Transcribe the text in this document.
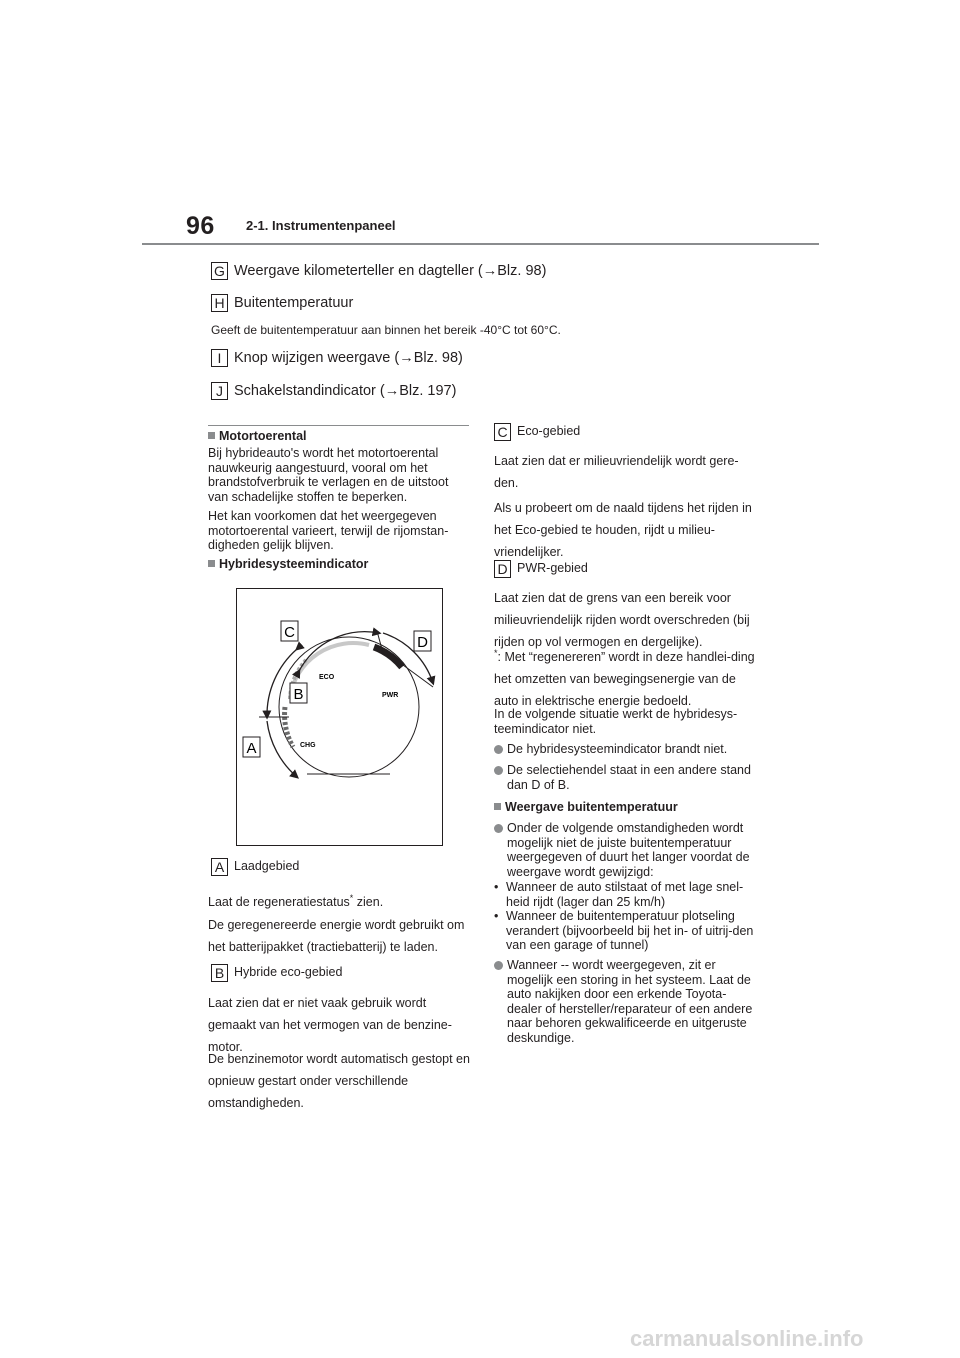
96 2-1. Instrumentenpaneel
G Weergave kilometerteller en dagteller (→Blz. 98)
H Buitentemperatuur
Geeft de buitentemperatuur aan binnen het bereik -40°C tot 60°C.
I Knop wijzigen weergave (→Blz. 98)
J Schakelstandindicator (→Blz. 197)
Motortoerental
Bij hybrideauto's wordt het motortoerental nauwkeurig aangestuurd, vooral om het brandstofverbruik te verlagen en de uitstoot van schadelijke stoffen te beperken.
Het kan voorkomen dat het weergegeven motortoerental varieert, terwijl de rijomstan-digheden gelijk blijven.
Hybridesysteemindicator
C
D
B
A
ECO
PWR
CHG
A Laadgebied
Laat de regeneratiestatus* zien.
De geregenereerde energie wordt gebruikt om het batterijpakket (tractiebatterij) te laden.
B Hybride eco-gebied
Laat zien dat er niet vaak gebruik wordt gemaakt van het vermogen van de benzine-motor.
De benzinemotor wordt automatisch gestopt en opnieuw gestart onder verschillende omstandigheden.
C Eco-gebied
Laat zien dat er milieuvriendelijk wordt gere-den.
Als u probeert om de naald tijdens het rijden in het Eco-gebied te houden, rijdt u milieu-vriendelijker.
D PWR-gebied
Laat zien dat de grens van een bereik voor milieuvriendelijk rijden wordt overschreden (bij rijden op vol vermogen en dergelijke).
*: Met “regenereren” wordt in deze handlei-ding het omzetten van bewegingsenergie van de auto in elektrische energie bedoeld.
In de volgende situatie werkt de hybridesys-teemindicator niet.
De hybridesysteemindicator brandt niet.
De selectiehendel staat in een andere stand dan D of B.
Weergave buitentemperatuur
Onder de volgende omstandigheden wordt mogelijk niet de juiste buitentemperatuur weergegeven of duurt het langer voordat de weergave wordt gewijzigd:
• Wanneer de auto stilstaat of met lage snel-heid rijdt (lager dan 25 km/h)
• Wanneer de buitentemperatuur plotseling verandert (bijvoorbeeld bij het in- of uitrij-den van een garage of tunnel)
Wanneer -- wordt weergegeven, zit er mogelijk een storing in het systeem. Laat de auto nakijken door een erkende Toyota-dealer of hersteller/reparateur of een andere naar behoren gekwalificeerde en uitgeruste deskundige.
carmanualsonline.info
